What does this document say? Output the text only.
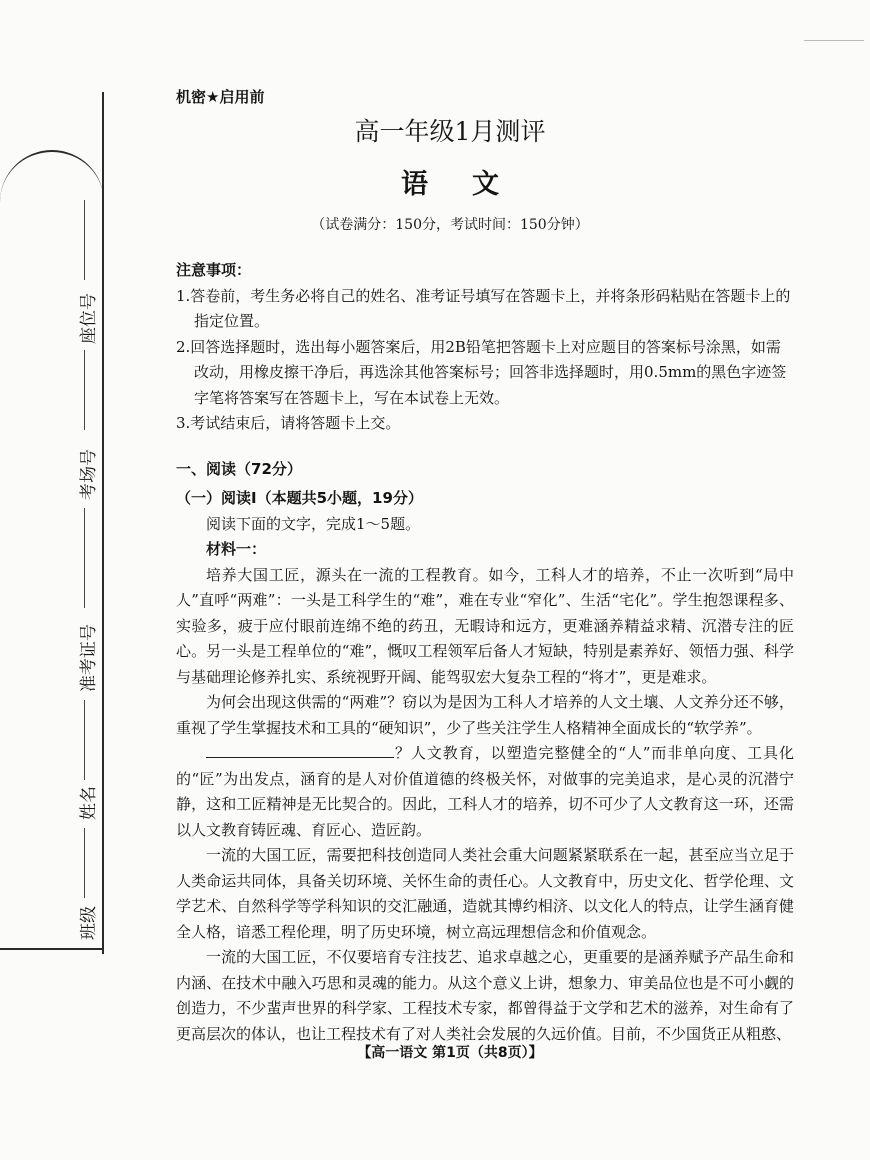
座位号
考场号
准考证号
姓名
班级
机密★启用前
高一年级1月测评
语文
（试卷满分：150分，考试时间：150分钟）
注意事项：

1.答卷前，考生务必将自己的姓名、准考证号填写在答题卡上，并将条形码粘贴在答题卡上的指定位置。

2.回答选择题时，选出每小题答案后，用2B铅笔把答题卡上对应题目的答案标号涂黑，如需改动，用橡皮擦干净后，再选涂其他答案标号；回答非选择题时，用0.5mm的黑色字迹签字笔将答案写在答题卡上，写在本试卷上无效。

3.考试结束后，请将答题卡上交。

一、阅读（72分）
（一）阅读Ⅰ（本题共5小题，19分）

阅读下面的文字，完成1～5题。

材料一：

培养大国工匠，源头在一流的工程教育。如今，工科人才的培养，不止一次听到“局中人”直呼“两难”：一头是工科学生的“难”，难在专业“窄化”、生活“宅化”。学生抱怨课程多、实验多，疲于应付眼前连绵不绝的药丑，无暇诗和远方，更难涵养精益求精、沉潜专注的匠心。另一头是工程单位的“难”，慨叹工程领军后备人才短缺，特别是素养好、领悟力强、科学与基础理论修养扎实、系统视野开阔、能驾驭宏大复杂工程的“将才”，更是难求。

为何会出现这供需的“两难”？窃以为是因为工科人才培养的人文土壤、人文养分还不够，重视了学生掌握技术和工具的“硬知识”，少了些关注学生人格精神全面成长的“软学养”。

？人文教育，以塑造完整健全的“人”而非单向度、工具化的“匠”为出发点，涵育的是人对价值道德的终极关怀，对做事的完美追求，是心灵的沉潜宁静，这和工匠精神是无比契合的。因此，工科人才的培养，切不可少了人文教育这一环，还需以人文教育铸匠魂、育匠心、造匠韵。

一流的大国工匠，需要把科技创造同人类社会重大问题紧紧联系在一起，甚至应当立足于人类命运共同体，具备关切环境、关怀生命的责任心。人文教育中，历史文化、哲学伦理、文学艺术、自然科学等学科知识的交汇融通，造就其博约相济、以文化人的特点，让学生涵育健全人格，谙悉工程伦理，明了历史环境，树立高远理想信念和价值观念。

一流的大国工匠，不仅要培育专注技艺、追求卓越之心，更重要的是涵养赋予产品生命和内涵、在技术中融入巧思和灵魂的能力。从这个意义上讲，想象力、审美品位也是不可小觑的创造力，不少蜚声世界的科学家、工程技术专家，都曾得益于文学和艺术的滋养，对生命有了更高层次的体认，也让工程技术有了对人类社会发展的久远价值。目前，不少国货正从粗憨、

【高一语文 第1页（共8页）】
